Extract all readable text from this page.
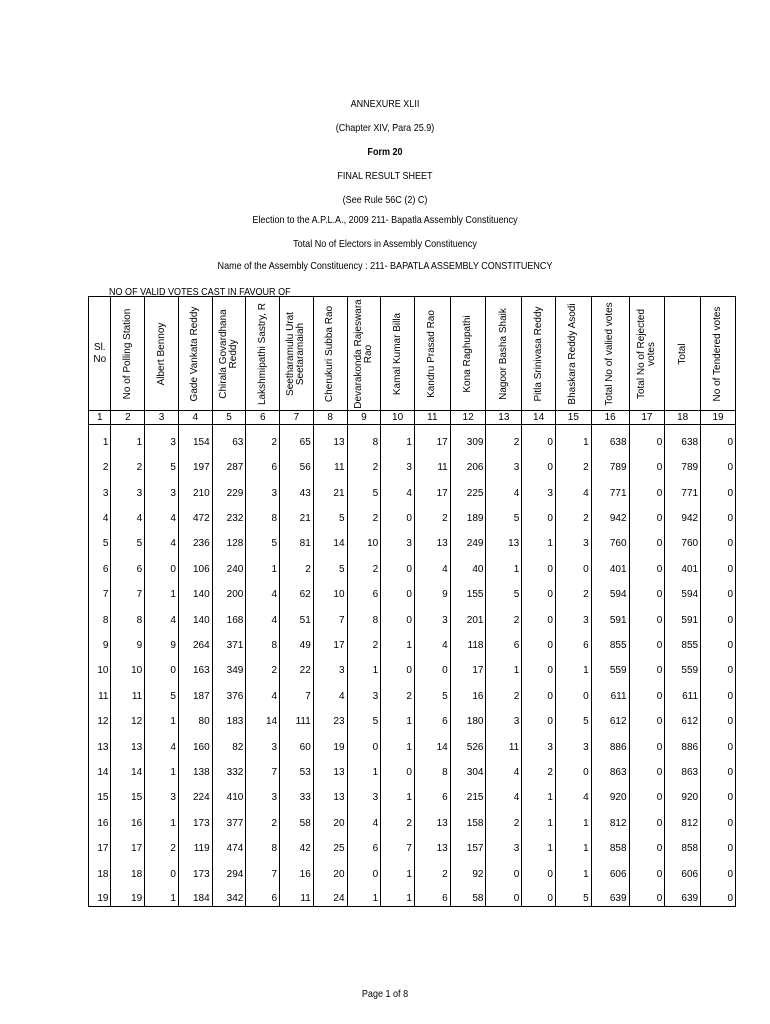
ANNEXURE XLII
(Chapter XIV, Para 25.9)
Form 20
FINAL RESULT SHEET
(See Rule 56C (2) C)
Election to the A.P.L.A., 2009 211- Bapatla Assembly Constituency
Total No of Electors in Assembly Constituency
Name of the Assembly Constituency : 211- BAPATLA ASSEMBLY CONSTITUENCY
NO OF VALID VOTES CAST IN FAVOUR OF
Sl. No	No of Polling Station	Albert Bennoy	Gade Vankata Reddy	Chirala Govardhana Reddy	Lakshmipathi Sastry, R	Seetharamulu Urat Seetaramaiah	Cherukuri Subba Rao	Devarakonda Rajeswara Rao	Kamal Kumar Billa	Kandru Prasad Rao	Kona Raghupathi	Nagoor Basha Shaik	Pitla Srinivasa Reddy	Bhaskara Reddy Asodi	Total No of valied votes	Total No of Rejected votes	Total	No of Tendered votes

1	2	3	4	5	6	7	8	9	10	11	12	13	14	15	16	17	18	19
1	1	3	154	63	2	65	13	8	1	17	309	2	0	1	638	0	638	0
2	2	5	197	287	6	56	11	2	3	11	206	3	0	2	789	0	789	0
3	3	3	210	229	3	43	21	5	4	17	225	4	3	4	771	0	771	0
4	4	4	472	232	8	21	5	2	0	2	189	5	0	2	942	0	942	0
5	5	4	236	128	5	81	14	10	3	13	249	13	1	3	760	0	760	0
6	6	0	106	240	1	2	5	2	0	4	40	1	0	0	401	0	401	0
7	7	1	140	200	4	62	10	6	0	9	155	5	0	2	594	0	594	0
8	8	4	140	168	4	51	7	8	0	3	201	2	0	3	591	0	591	0
9	9	9	264	371	8	49	17	2	1	4	118	6	0	6	855	0	855	0
10	10	0	163	349	2	22	3	1	0	0	17	1	0	1	559	0	559	0
11	11	5	187	376	4	7	4	3	2	5	16	2	0	0	611	0	611	0
12	12	1	80	183	14	111	23	5	1	6	180	3	0	5	612	0	612	0
13	13	4	160	82	3	60	19	0	1	14	526	11	3	3	886	0	886	0
14	14	1	138	332	7	53	13	1	0	8	304	4	2	0	863	0	863	0
15	15	3	224	410	3	33	13	3	1	6	215	4	1	4	920	0	920	0
16	16	1	173	377	2	58	20	4	2	13	158	2	1	1	812	0	812	0
17	17	2	119	474	8	42	25	6	7	13	157	3	1	1	858	0	858	0
18	18	0	173	294	7	16	20	0	1	2	92	0	0	1	606	0	606	0
19	19	1	184	342	6	11	24	1	1	6	58	0	0	5	639	0	639	0
Page 1 of 8
